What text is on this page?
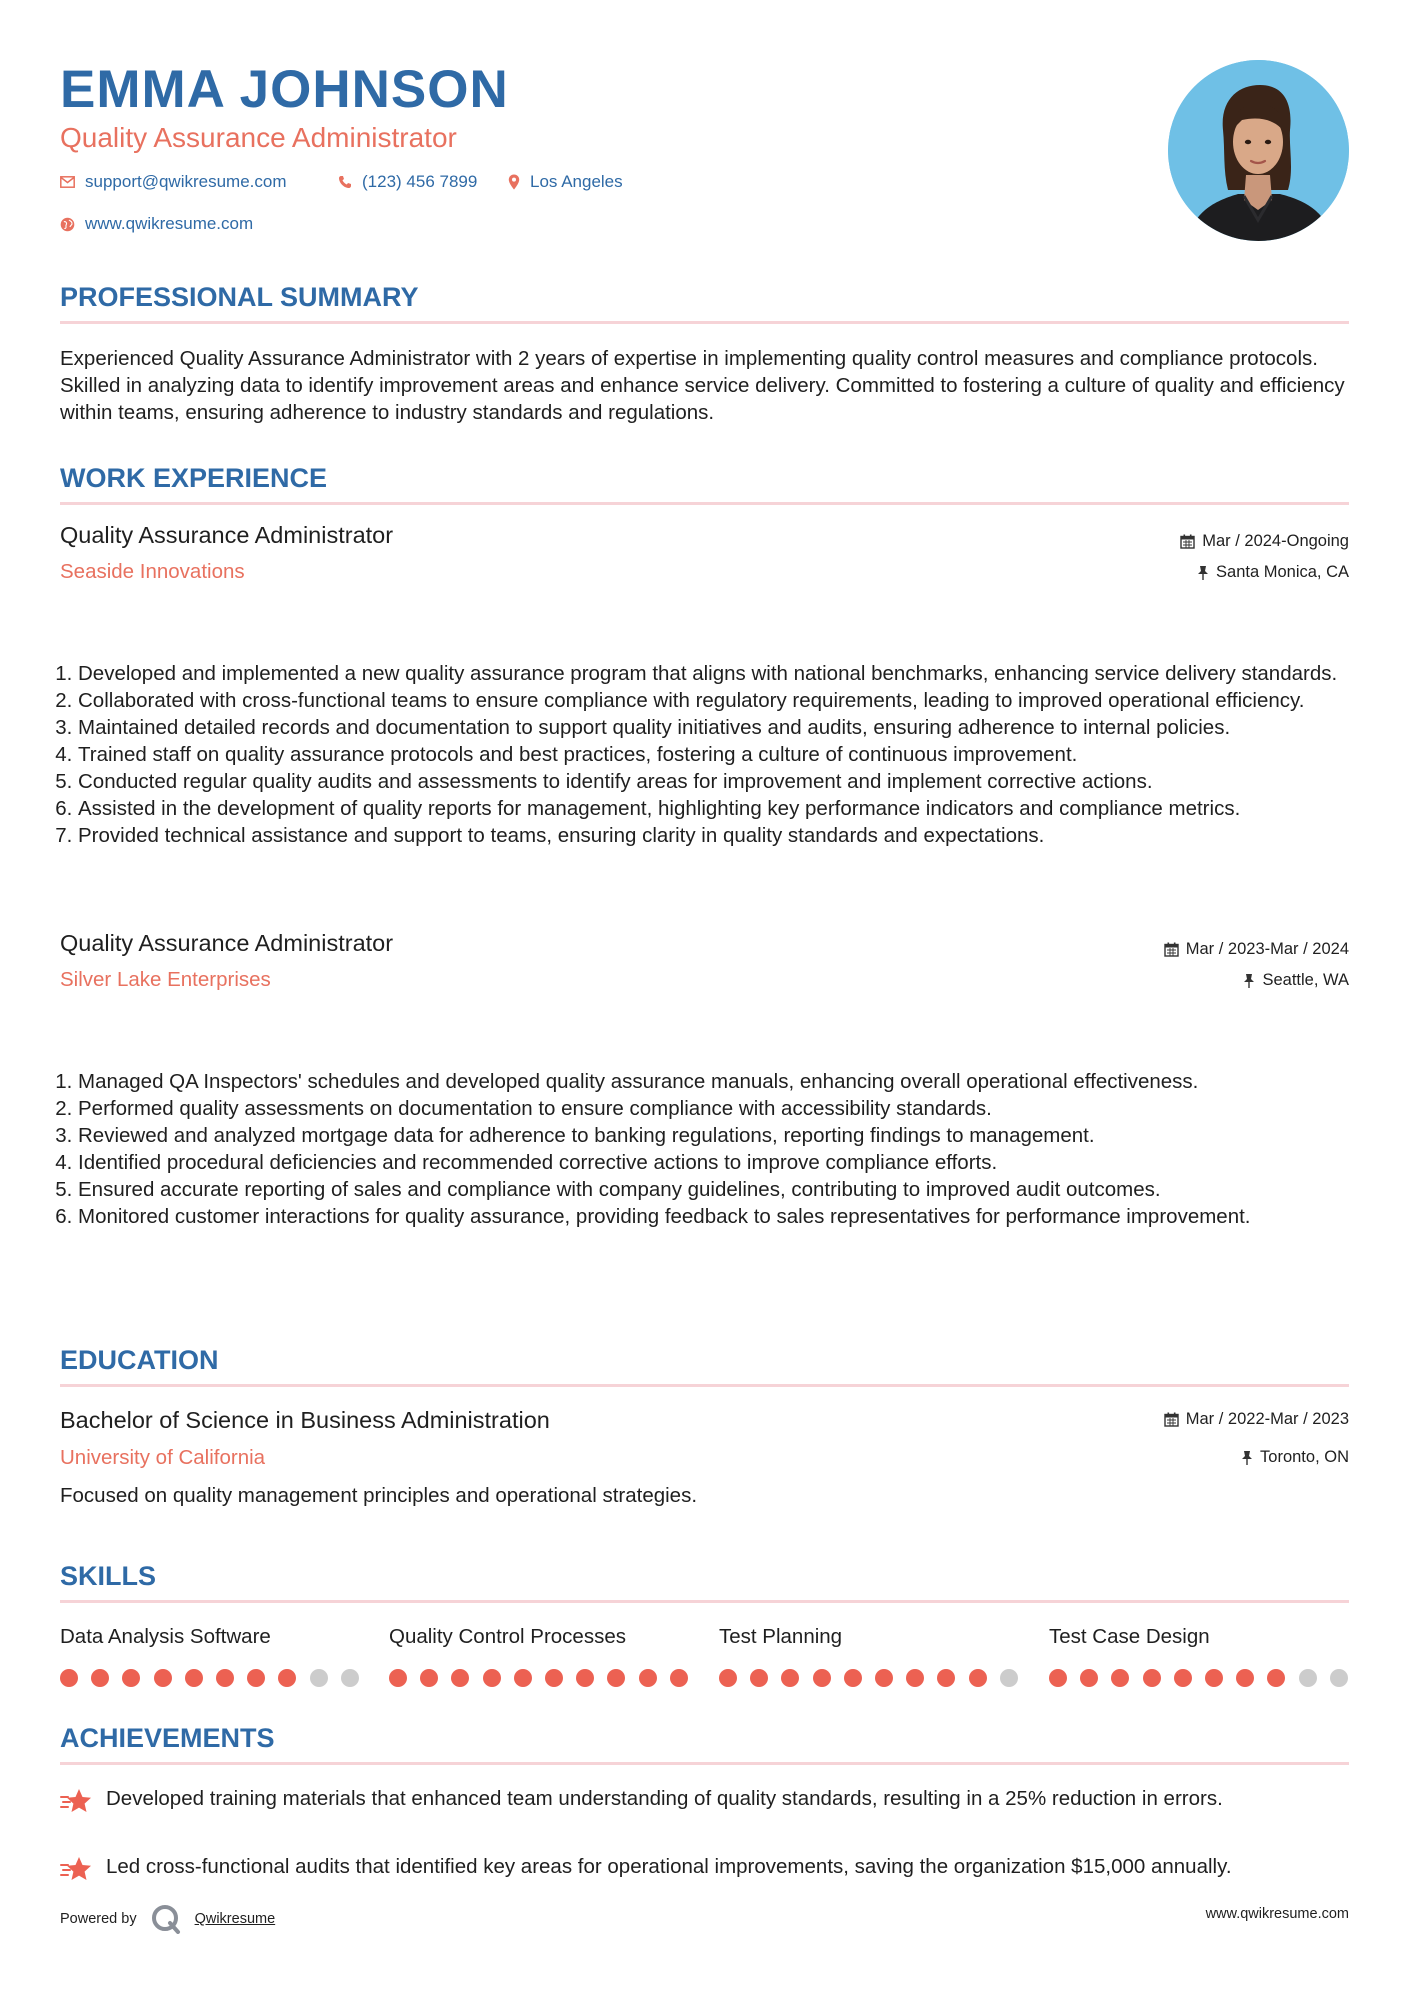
EMMA JOHNSON
Quality Assurance Administrator
support@qwikresume.com	(123) 456 7899	Los Angeles
www.qwikresume.com
PROFESSIONAL SUMMARY
Experienced Quality Assurance Administrator with 2 years of expertise in implementing quality control measures and compliance protocols. Skilled in analyzing data to identify improvement areas and enhance service delivery. Committed to fostering a culture of quality and efficiency within teams, ensuring adherence to industry standards and regulations.
WORK EXPERIENCE
Quality Assurance Administrator	Mar / 2024-Ongoing
Seaside Innovations	Santa Monica, CA
1. Developed and implemented a new quality assurance program that aligns with national benchmarks, enhancing service delivery standards.
2. Collaborated with cross-functional teams to ensure compliance with regulatory requirements, leading to improved operational efficiency.
3. Maintained detailed records and documentation to support quality initiatives and audits, ensuring adherence to internal policies.
4. Trained staff on quality assurance protocols and best practices, fostering a culture of continuous improvement.
5. Conducted regular quality audits and assessments to identify areas for improvement and implement corrective actions.
6. Assisted in the development of quality reports for management, highlighting key performance indicators and compliance metrics.
7. Provided technical assistance and support to teams, ensuring clarity in quality standards and expectations.
Quality Assurance Administrator	Mar / 2023-Mar / 2024
Silver Lake Enterprises	Seattle, WA
1. Managed QA Inspectors' schedules and developed quality assurance manuals, enhancing overall operational effectiveness.
2. Performed quality assessments on documentation to ensure compliance with accessibility standards.
3. Reviewed and analyzed mortgage data for adherence to banking regulations, reporting findings to management.
4. Identified procedural deficiencies and recommended corrective actions to improve compliance efforts.
5. Ensured accurate reporting of sales and compliance with company guidelines, contributing to improved audit outcomes.
6. Monitored customer interactions for quality assurance, providing feedback to sales representatives for performance improvement.
EDUCATION
Bachelor of Science in Business Administration	Mar / 2022-Mar / 2023
University of California	Toronto, ON
Focused on quality management principles and operational strategies.
SKILLS
Data Analysis Software	Quality Control Processes	Test Planning	Test Case Design
ACHIEVEMENTS
Developed training materials that enhanced team understanding of quality standards, resulting in a 25% reduction in errors.
Led cross-functional audits that identified key areas for operational improvements, saving the organization $15,000 annually.
Powered by	Qwikresume	www.qwikresume.com
